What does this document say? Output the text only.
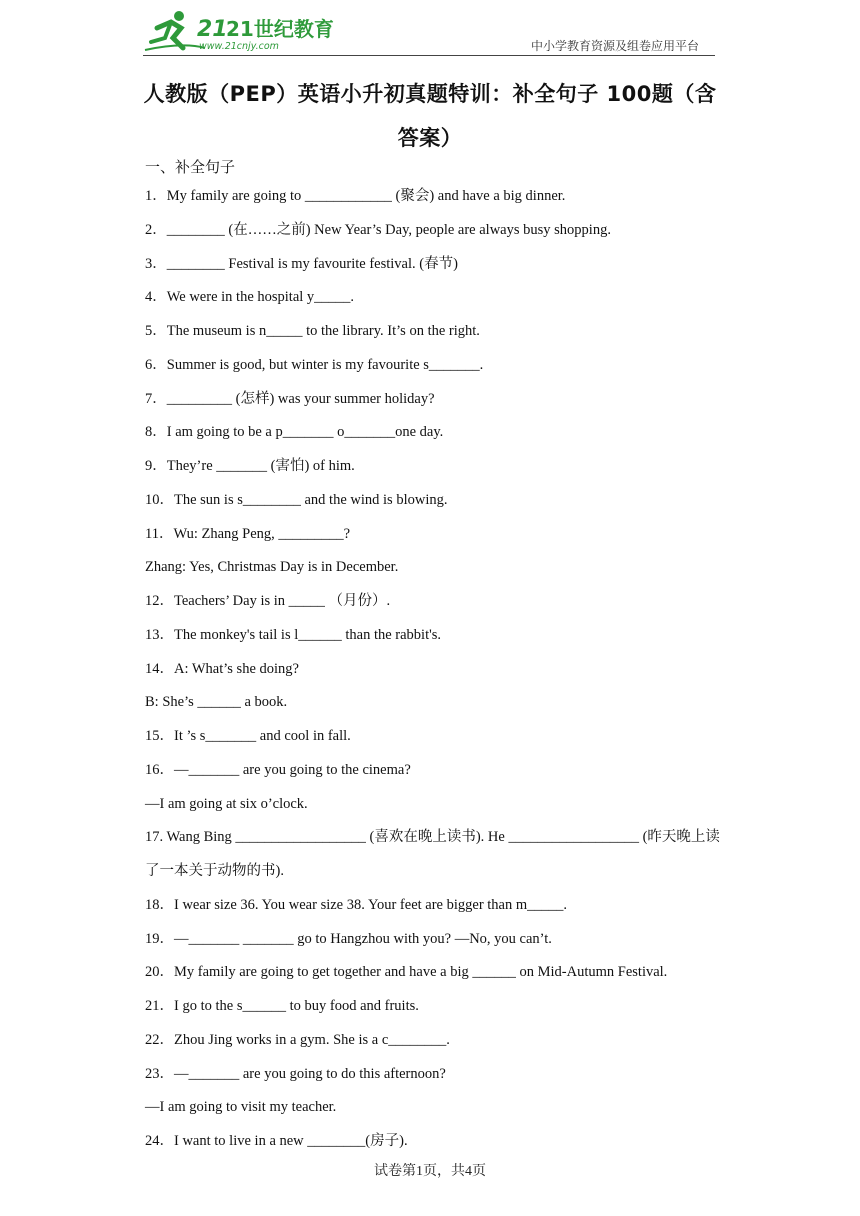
21
21世纪教育
www.21cnjy.com	中小学教育资源及组卷应用平台
人教版（PEP）英语小升初真题特训：补全句子 100题（含答案）
一、补全句子
1．My family are going to ____________ (聚会) and have a big dinner.
2．________ (在……之前) New Year’s Day, people are always busy shopping.
3．________ Festival is my favourite festival. (春节)
4．We were in the hospital y_____.
5．The museum is n_____ to the library. It’s on the right.
6．Summer is good, but winter is my favourite s_______.
7．_________ (怎样) was your summer holiday?
8．I am going to be a p_______ o_______one day.
9．They’re _______ (害怕) of him.
10．The sun is s________ and the wind is blowing.
11．Wu: Zhang Peng, _________?
Zhang: Yes, Christmas Day is in December.
12．Teachers’ Day is in _____ （月份）.
13．The monkey's tail is l______ than the rabbit's.
14．A: What’s she doing?
B: She’s ______ a book.
15．It ’s s_______ and cool in fall.
16．—_______ are you going to the cinema?
—I am going at six o’clock.
17. Wang Bing __________________ (喜欢在晚上读书). He __________________ (昨天晚上读了一本关于动物的书).
18．I wear size 36. You wear size 38. Your feet are bigger than m_____.
19．—_______ _______ go to Hangzhou with you? —No, you can’t.
20．My family are going to get together and have a big ______ on Mid-Autumn Festival.
21．I go to the s______ to buy food and fruits.
22．Zhou Jing works in a gym. She is a c________.
23．—_______ are you going to do this afternoon?
—I am going to visit my teacher.
24．I want to live in a new ________(房子).
试卷第1页，共4页
